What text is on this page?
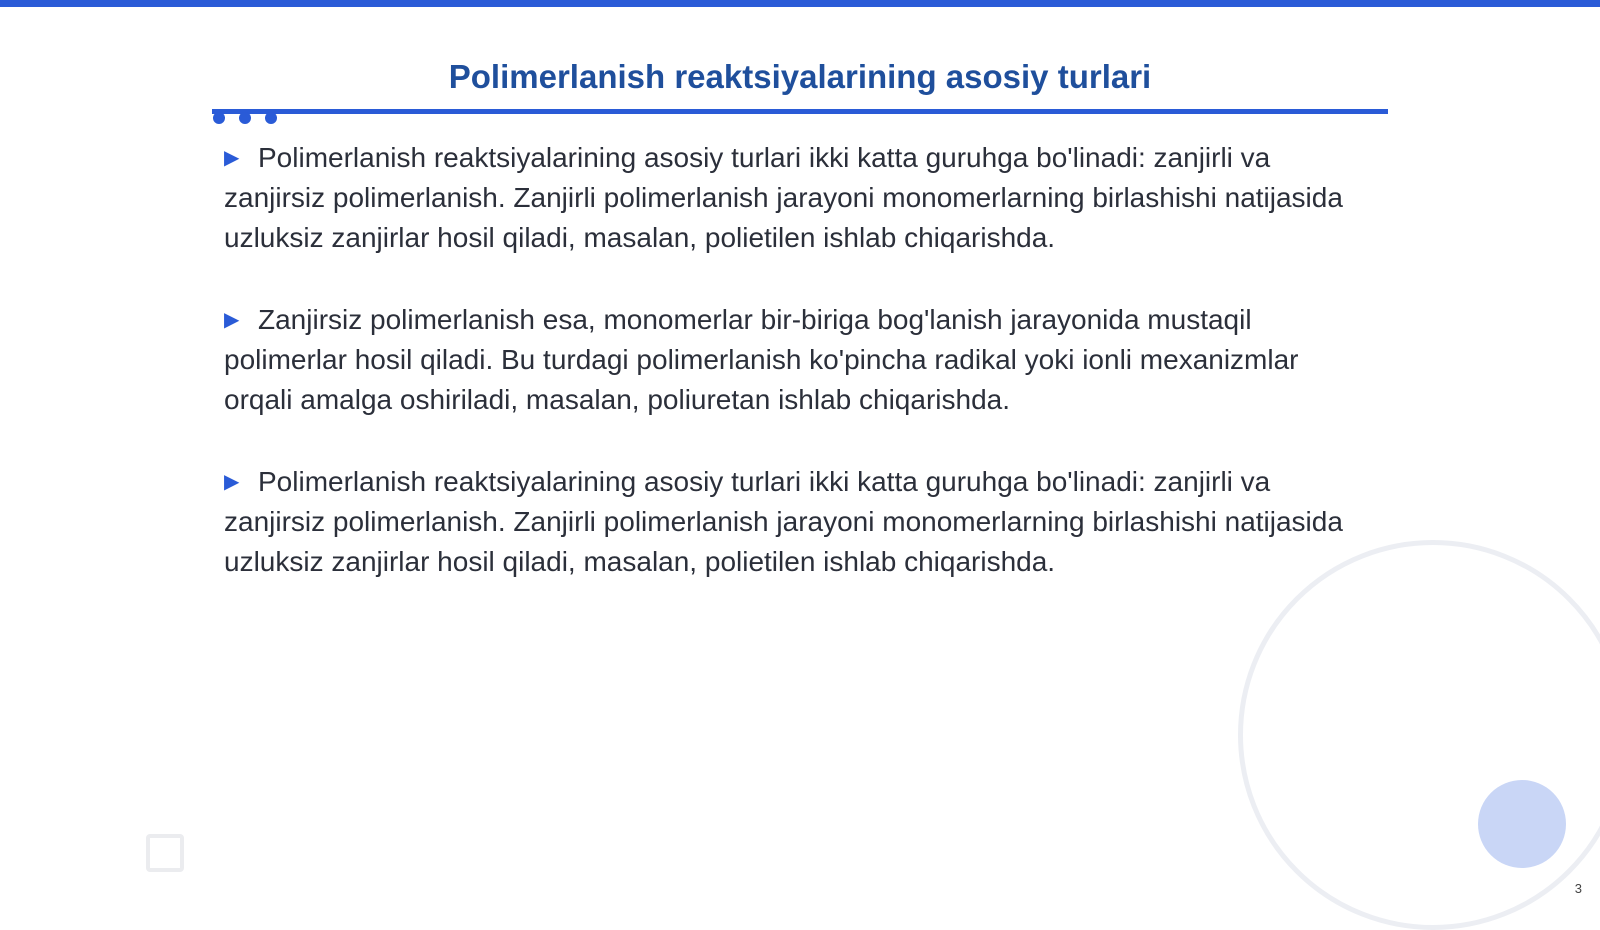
Polimerlanish reaktsiyalarining asosiy turlari
▶ Polimerlanish reaktsiyalarining asosiy turlari ikki katta guruhga bo'linadi: zanjirli va zanjirsiz polimerlanish. Zanjirli polimerlanish jarayoni monomerlarning birlashishi natijasida uzluksiz zanjirlar hosil qiladi, masalan, polietilen ishlab chiqarishda.
▶ Zanjirsiz polimerlanish esa, monomerlar bir-biriga bog'lanish jarayonida mustaqil polimerlar hosil qiladi. Bu turdagi polimerlanish ko'pincha radikal yoki ionli mexanizmlar orqali amalga oshiriladi, masalan, poliuretan ishlab chiqarishda.
▶ Polimerlanish reaktsiyalarining asosiy turlari ikki katta guruhga bo'linadi: zanjirli va zanjirsiz polimerlanish. Zanjirli polimerlanish jarayoni monomerlarning birlashishi natijasida uzluksiz zanjirlar hosil qiladi, masalan, polietilen ishlab chiqarishda.
3
